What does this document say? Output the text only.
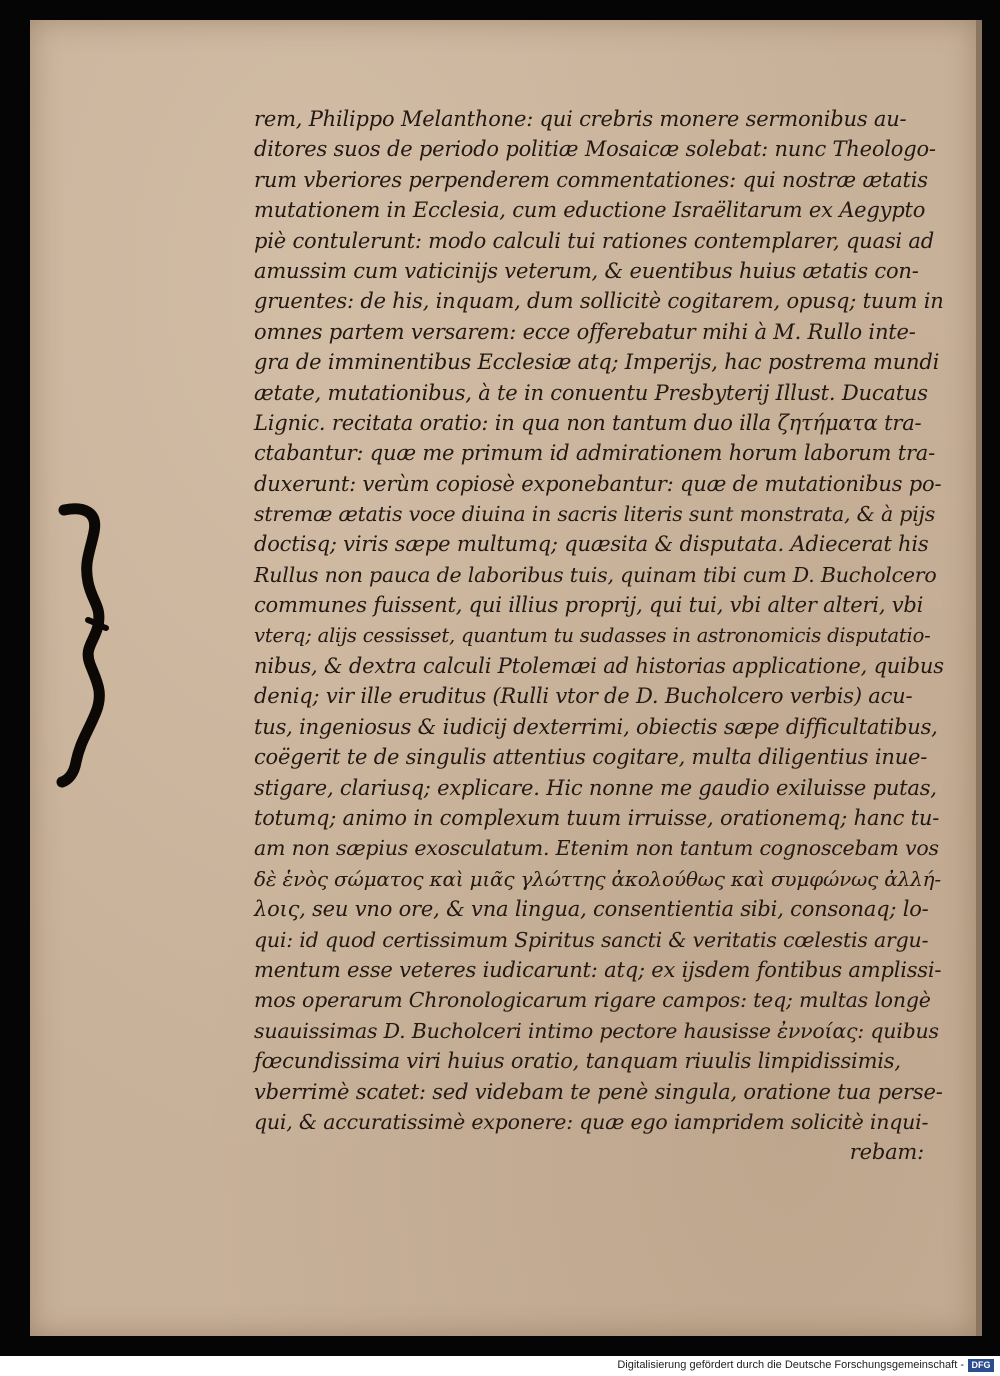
rem, Philippo Melanthone: qui crebris monere sermonibus au-
ditores suos de periodo politiæ Mosaicæ solebat: nunc Theologo-
rum vberiores perpenderem commentationes: qui nostræ ætatis
mutationem in Ecclesia, cum eductione Israëlitarum ex Aegypto
piè contulerunt: modo calculi tui rationes contemplarer, quasi ad
amussim cum vaticinijs veterum, & euentibus huius ætatis con-
gruentes: de his, inquam, dum sollicitè cogitarem, opusq; tuum in
omnes partem versarem: ecce offerebatur mihi à M. Rullo inte-
gra de imminentibus Ecclesiæ atq; Imperijs, hac postrema mundi
ætate, mutationibus, à te in conuentu Presbyterij Illust. Ducatus
Lignic. recitata oratio: in qua non tantum duo illa ζητήματα tra-
ctabantur: quæ me primum id admirationem horum laborum tra-
duxerunt: verùm copiosè exponebantur: quæ de mutationibus po-
stremæ ætatis voce diuina in sacris literis sunt monstrata, & à pijs
doctisq; viris sæpe multumq; quæsita & disputata. Adiecerat his
Rullus non pauca de laboribus tuis, quinam tibi cum D. Bucholcero
communes fuissent, qui illius proprij, qui tui, vbi alter alteri, vbi
vterq; alijs cessisset, quantum tu sudasses in astronomicis disputatio-
nibus, & dextra calculi Ptolemæi ad historias applicatione, quibus
deniq; vir ille eruditus (Rulli vtor de D. Bucholcero verbis) acu-
tus, ingeniosus & iudicij dexterrimi, obiectis sæpe difficultatibus,
coëgerit te de singulis attentius cogitare, multa diligentius inue-
stigare, clariusq; explicare. Hic nonne me gaudio exiluisse putas,
totumq; animo in complexum tuum irruisse, orationemq; hanc tu-
am non sæpius exosculatum. Etenim non tantum cognoscebam vos
δὲ ἑνὸς σώματος καὶ μιᾶς γλώττης ἀκολούθως καὶ συμφώνως ἀλλή-
λοις, seu vno ore, & vna lingua, consentientia sibi, consonaq; lo-
qui: id quod certissimum Spiritus sancti & veritatis cœlestis argu-
mentum esse veteres iudicarunt: atq; ex ijsdem fontibus amplissi-
mos operarum Chronologicarum rigare campos: teq; multas longè
suauissimas D. Bucholceri intimo pectore hausisse ἐννοίας: quibus
fœcundissima viri huius oratio, tanquam riuulis limpidissimis,
vberrimè scatet: sed videbam te penè singula, oratione tua perse-
qui, & accuratissimè exponere: quæ ego iampridem solicitè inqui-
rebam:
Digitalisierung gefördert durch die Deutsche Forschungsgemeinschaft - DFG
